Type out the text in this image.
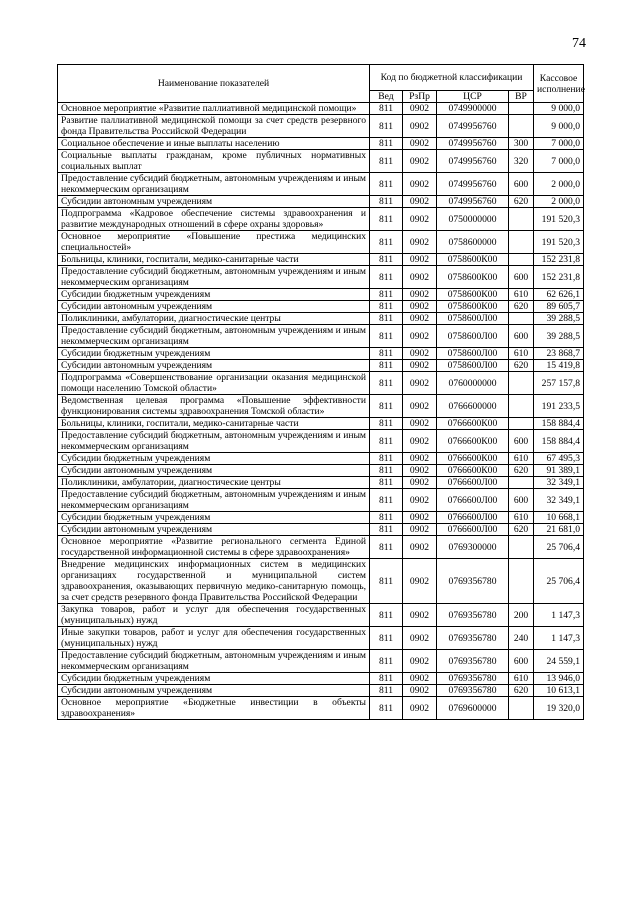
74
Наименование показателей	Код по бюджетной классификации				Кассовое исполнение
	Вед	РзПр	ЦСР	ВР	
Основное мероприятие «Развитие паллиативной медицинской помощи»	811	0902	0749900000		9 000,0
Развитие паллиативной медицинской помощи за счет средств резервного фонда Правительства Российской Федерации	811	0902	0749956760		9 000,0
Социальное обеспечение и иные выплаты населению	811	0902	0749956760	300	7 000,0
Социальные выплаты гражданам, кроме публичных нормативных социальных выплат	811	0902	0749956760	320	7 000,0
Предоставление субсидий бюджетным, автономным учреждениям и иным некоммерческим организациям	811	0902	0749956760	600	2 000,0
Субсидии автономным учреждениям	811	0902	0749956760	620	2 000,0
Подпрограмма «Кадровое обеспечение системы здравоохранения и развитие международных отношений в сфере охраны здоровья»	811	0902	0750000000		191 520,3
Основное мероприятие «Повышение престижа медицинских специальностей»	811	0902	0758600000		191 520,3
Больницы, клиники, госпитали, медико-санитарные части	811	0902	0758600К00		152 231,8
Предоставление субсидий бюджетным, автономным учреждениям и иным некоммерческим организациям	811	0902	0758600К00	600	152 231,8
Субсидии бюджетным учреждениям	811	0902	0758600К00	610	62 626,1
Субсидии автономным учреждениям	811	0902	0758600К00	620	89 605,7
Поликлиники, амбулатории, диагностические центры	811	0902	0758600Л00		39 288,5
Предоставление субсидий бюджетным, автономным учреждениям и иным некоммерческим организациям	811	0902	0758600Л00	600	39 288,5
Субсидии бюджетным учреждениям	811	0902	0758600Л00	610	23 868,7
Субсидии автономным учреждениям	811	0902	0758600Л00	620	15 419,8
Подпрограмма «Совершенствование организации оказания медицинской помощи населению Томской области»	811	0902	0760000000		257 157,8
Ведомственная целевая программа «Повышение эффективности функционирования системы здравоохранения Томской области»	811	0902	0766600000		191 233,5
Больницы, клиники, госпитали, медико-санитарные части	811	0902	0766600К00		158 884,4
Предоставление субсидий бюджетным, автономным учреждениям и иным некоммерческим организациям	811	0902	0766600К00	600	158 884,4
Субсидии бюджетным учреждениям	811	0902	0766600К00	610	67 495,3
Субсидии автономным учреждениям	811	0902	0766600К00	620	91 389,1
Поликлиники, амбулатории, диагностические центры	811	0902	0766600Л00		32 349,1
Предоставление субсидий бюджетным, автономным учреждениям и иным некоммерческим организациям	811	0902	0766600Л00	600	32 349,1
Субсидии бюджетным учреждениям	811	0902	0766600Л00	610	10 668,1
Субсидии автономным учреждениям	811	0902	0766600Л00	620	21 681,0
Основное мероприятие «Развитие регионального сегмента Единой государственной информационной системы в сфере здравоохранения»	811	0902	0769300000		25 706,4
Внедрение медицинских информационных систем в медицинских организациях государственной и муниципальной систем здравоохранения, оказывающих первичную медико-санитарную помощь, за счет средств резервного фонда Правительства Российской Федерации	811	0902	0769356780		25 706,4
Закупка товаров, работ и услуг для обеспечения государственных (муниципальных) нужд	811	0902	0769356780	200	1 147,3
Иные закупки товаров, работ и услуг для обеспечения государственных (муниципальных) нужд	811	0902	0769356780	240	1 147,3
Предоставление субсидий бюджетным, автономным учреждениям и иным некоммерческим организациям	811	0902	0769356780	600	24 559,1
Субсидии бюджетным учреждениям	811	0902	0769356780	610	13 946,0
Субсидии автономным учреждениям	811	0902	0769356780	620	10 613,1
Основное мероприятие «Бюджетные инвестиции в объекты здравоохранения»	811	0902	0769600000		19 320,0
